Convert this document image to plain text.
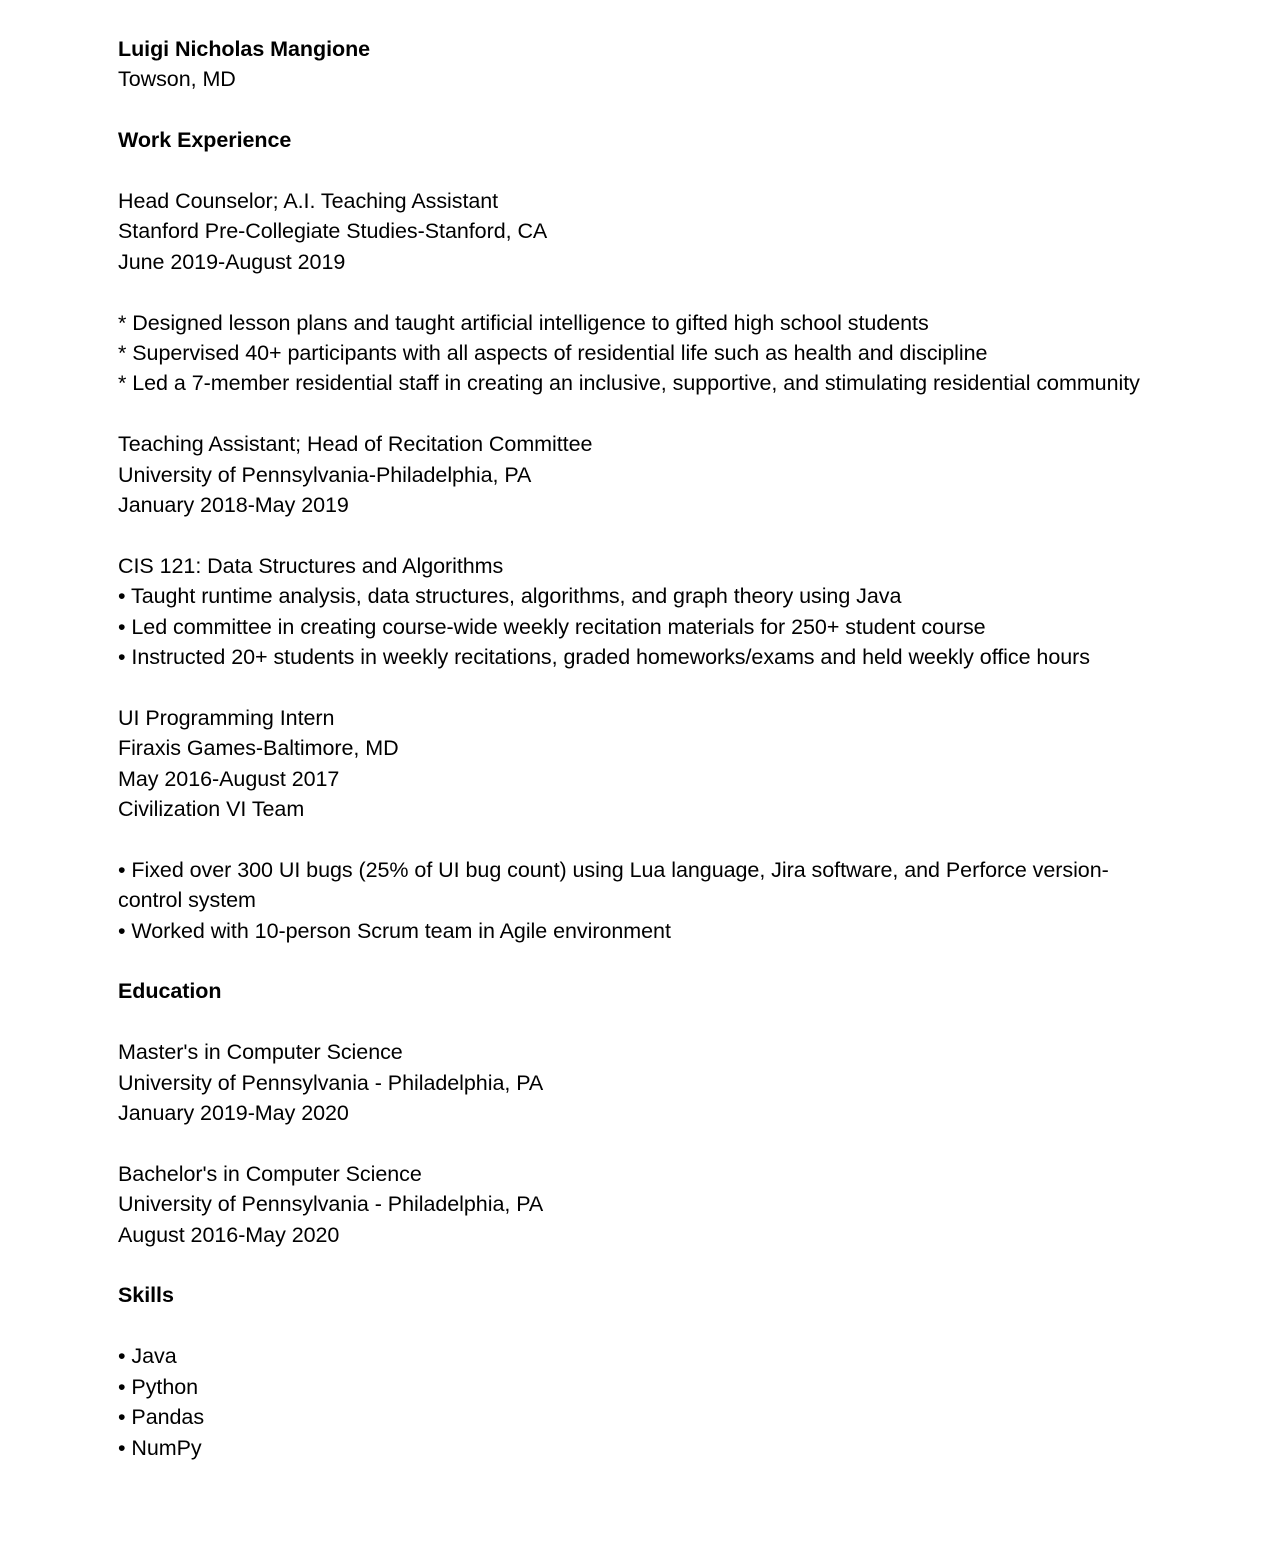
Luigi Nicholas Mangione
Towson, MD
Work Experience
Head Counselor; A.I. Teaching Assistant
Stanford Pre-Collegiate Studies-Stanford, CA
June 2019-August 2019
* Designed lesson plans and taught artificial intelligence to gifted high school students
* Supervised 40+ participants with all aspects of residential life such as health and discipline
* Led a 7-member residential staff in creating an inclusive, supportive, and stimulating residential community
Teaching Assistant; Head of Recitation Committee
University of Pennsylvania-Philadelphia, PA
January 2018-May 2019
CIS 121: Data Structures and Algorithms
• Taught runtime analysis, data structures, algorithms, and graph theory using Java
• Led committee in creating course-wide weekly recitation materials for 250+ student course
• Instructed 20+ students in weekly recitations, graded homeworks/exams and held weekly office hours
UI Programming Intern
Firaxis Games-Baltimore, MD
May 2016-August 2017
Civilization VI Team
• Fixed over 300 UI bugs (25% of UI bug count) using Lua language, Jira software, and Perforce version-control system
• Worked with 10-person Scrum team in Agile environment
Education
Master's in Computer Science
University of Pennsylvania - Philadelphia, PA
January 2019-May 2020
Bachelor's in Computer Science
University of Pennsylvania - Philadelphia, PA
August 2016-May 2020
Skills
• Java
• Python
• Pandas
• NumPy
